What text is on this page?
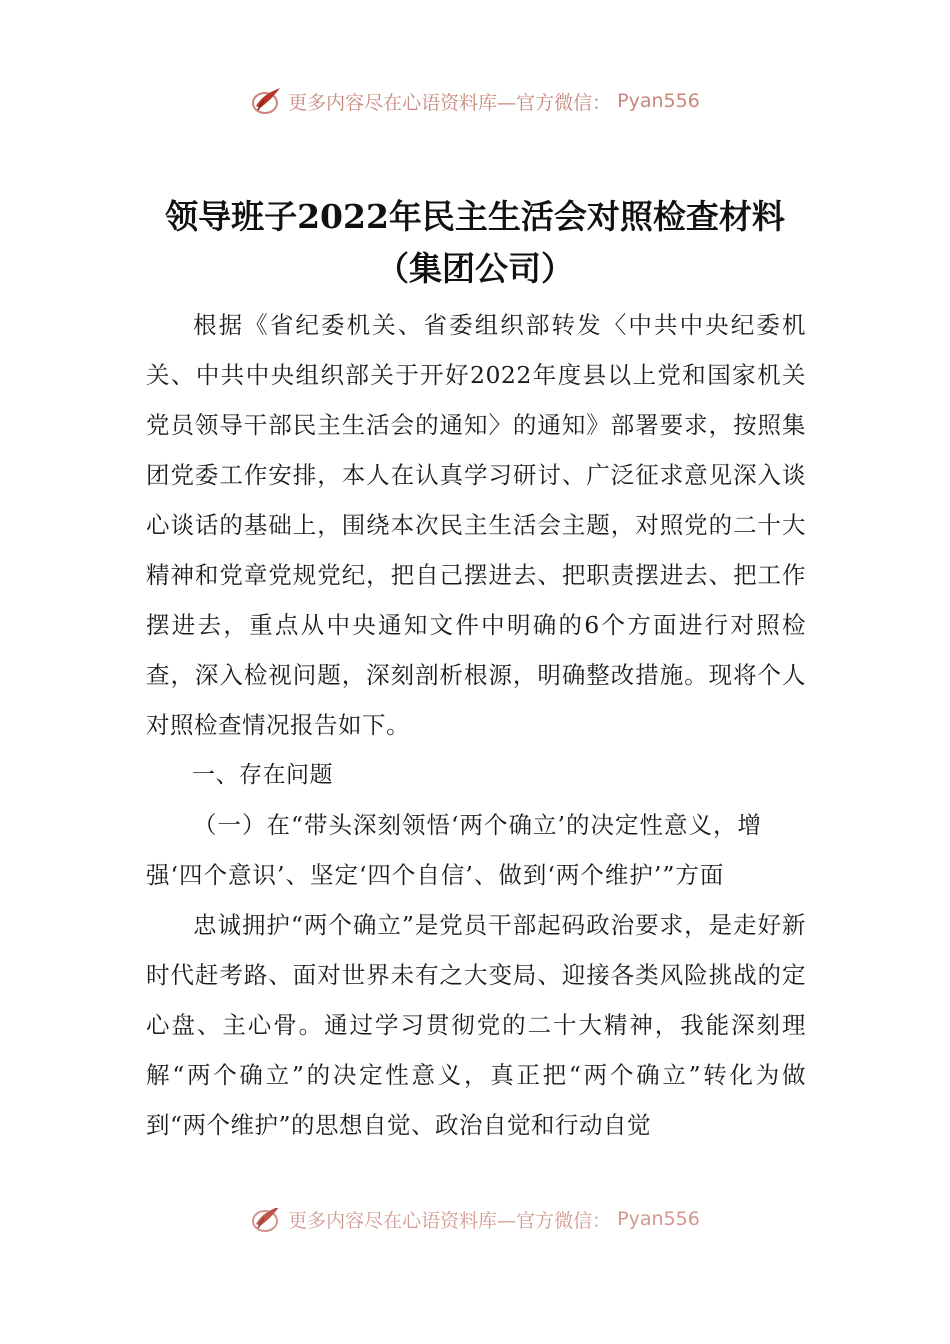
更多内容尽在心语资料库—官方微信： Pyan556
领导班子2022年民主生活会对照检查材料
（集团公司）

根据《省纪委机关、省委组织部转发〈中共中央纪委机关、中共中央组织部关于开好2022年度县以上党和国家机关党员领导干部民主生活会的通知〉的通知》部署要求，按照集团党委工作安排，本人在认真学习研讨、广泛征求意见深入谈心谈话的基础上，围绕本次民主生活会主题，对照党的二十大精神和党章党规党纪，把自己摆进去、把职责摆进去、把工作摆进去，重点从中央通知文件中明确的6个方面进行对照检查，深入检视问题，深刻剖析根源，明确整改措施。现将个人对照检查情况报告如下。

一、存在问题

（一）在“带头深刻领悟‘两个确立’的决定性意义，增强‘四个意识’、坚定‘四个自信’、做到‘两个维护’”方面

忠诚拥护“两个确立”是党员干部起码政治要求，是走好新时代赶考路、面对世界未有之大变局、迎接各类风险挑战的定心盘、主心骨。通过学习贯彻党的二十大精神，我能深刻理解“两个确立”的决定性意义，真正把“两个确立”转化为做到“两个维护”的思想自觉、政治自觉和行动自觉

更多内容尽在心语资料库—官方微信： Pyan556
